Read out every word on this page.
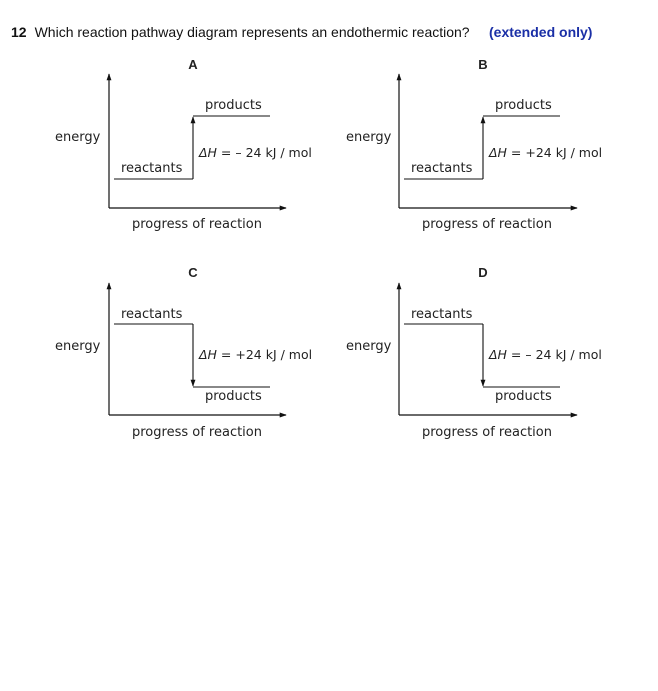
12 Which reaction pathway diagram represents an endothermic reaction? (extended only)
A
energy
progress of reaction
reactants
products
ΔH = – 24 kJ / mol
B
energy
progress of reaction
reactants
products
ΔH = +24 kJ / mol
C
energy
progress of reaction
reactants
products
ΔH = +24 kJ / mol
D
energy
progress of reaction
reactants
products
ΔH = – 24 kJ / mol
